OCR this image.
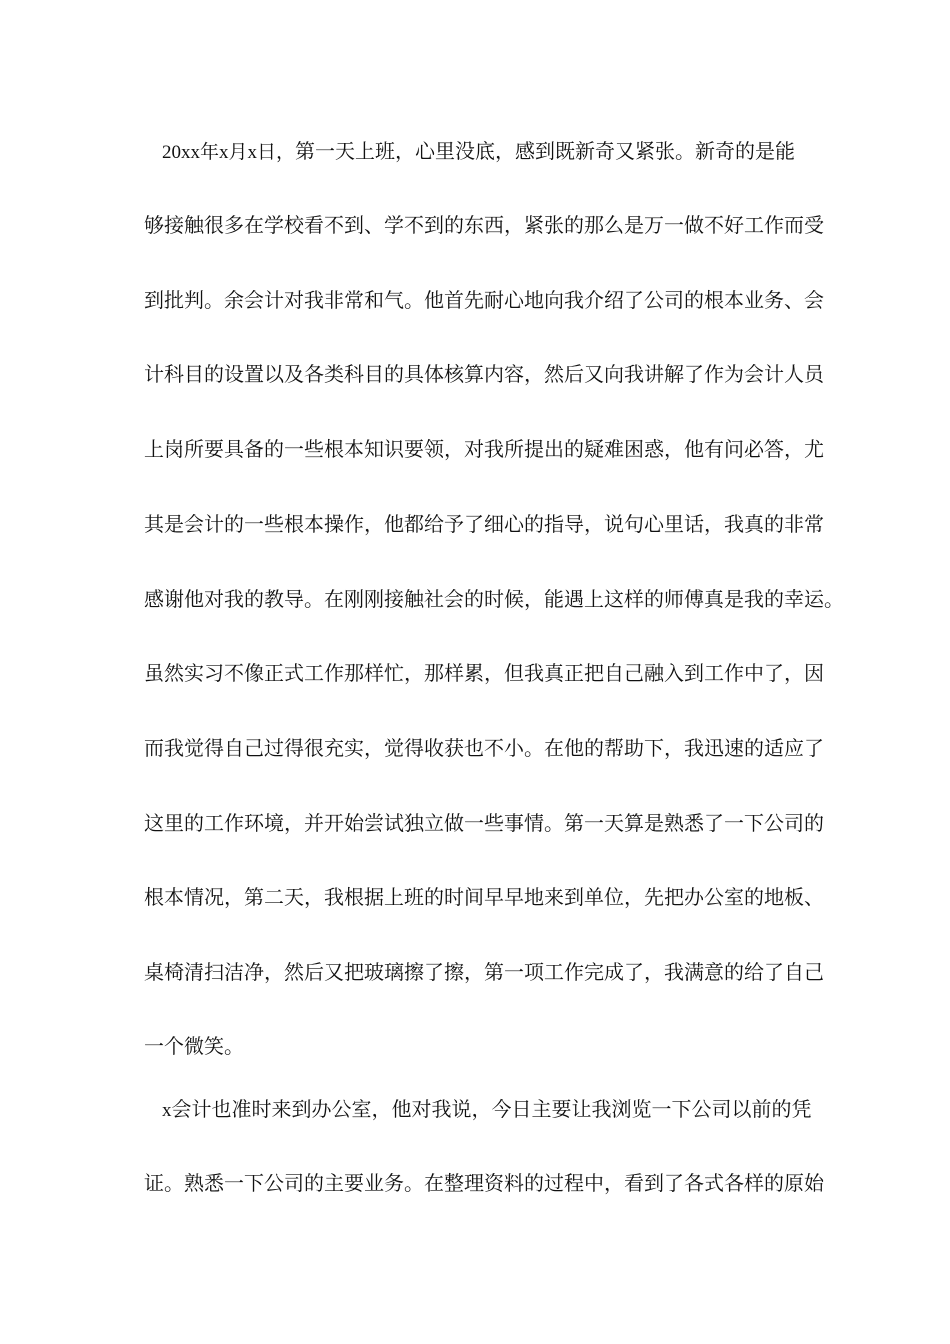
20xx年x月x日，第一天上班，心里没底，感到既新奇又紧张。新奇的是能
够接触很多在学校看不到、学不到的东西，紧张的那么是万一做不好工作而受
到批判。余会计对我非常和气。他首先耐心地向我介绍了公司的根本业务、会
计科目的设置以及各类科目的具体核算内容，然后又向我讲解了作为会计人员
上岗所要具备的一些根本知识要领，对我所提出的疑难困惑，他有问必答，尤
其是会计的一些根本操作，他都给予了细心的指导，说句心里话，我真的非常
感谢他对我的教导。在刚刚接触社会的时候，能遇上这样的师傅真是我的幸运。
虽然实习不像正式工作那样忙，那样累，但我真正把自己融入到工作中了，因
而我觉得自己过得很充实，觉得收获也不小。在他的帮助下，我迅速的适应了
这里的工作环境，并开始尝试独立做一些事情。第一天算是熟悉了一下公司的
根本情况，第二天，我根据上班的时间早早地来到单位，先把办公室的地板、
桌椅清扫洁净，然后又把玻璃擦了擦，第一项工作完成了，我满意的给了自己
一个微笑。
x会计也准时来到办公室，他对我说，今日主要让我浏览一下公司以前的凭
证。熟悉一下公司的主要业务。在整理资料的过程中，看到了各式各样的原始
